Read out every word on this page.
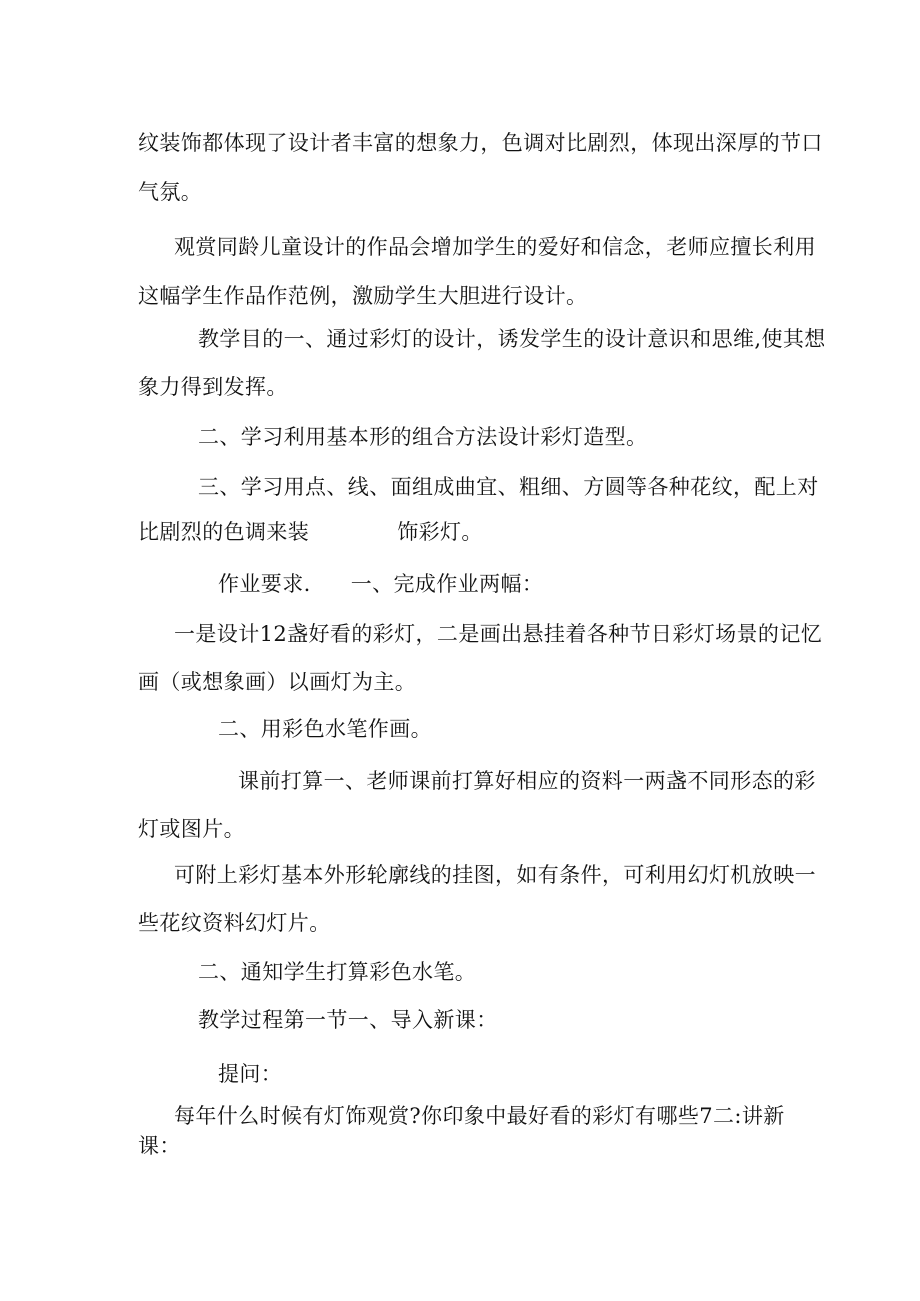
纹装饰都体现了设计者丰富的想象力，色调对比剧烈，体现出深厚的节口
气氛。
观赏同龄儿童设计的作品会增加学生的爱好和信念，老师应擅长利用
这幅学生作品作范例，激励学生大胆进行设计。
教学目的一、通过彩灯的设计，诱发学生的设计意识和思维,使其想
象力得到发挥。
二、学习利用基本形的组合方法设计彩灯造型。
三、学习用点、线、面组成曲宜、粗细、方圆等各种花纹，配上对
比剧烈的色调来装	饰彩灯。
作业要求. 一、完成作业两幅：
一是设计12盏好看的彩灯，二是画出悬挂着各种节日彩灯场景的记忆
画（或想象画）以画灯为主。
二、用彩色水笔作画。
课前打算一、老师课前打算好相应的资料一两盏不同形态的彩
灯或图片。
可附上彩灯基本外形轮廓线的挂图，如有条件，可利用幻灯机放映一
些花纹资料幻灯片。
二、通知学生打算彩色水笔。
教学过程第一节一、导入新课：
提问：
每年什么时候有灯饰观赏?你印象中最好看的彩灯有哪些7二:讲新
课：
